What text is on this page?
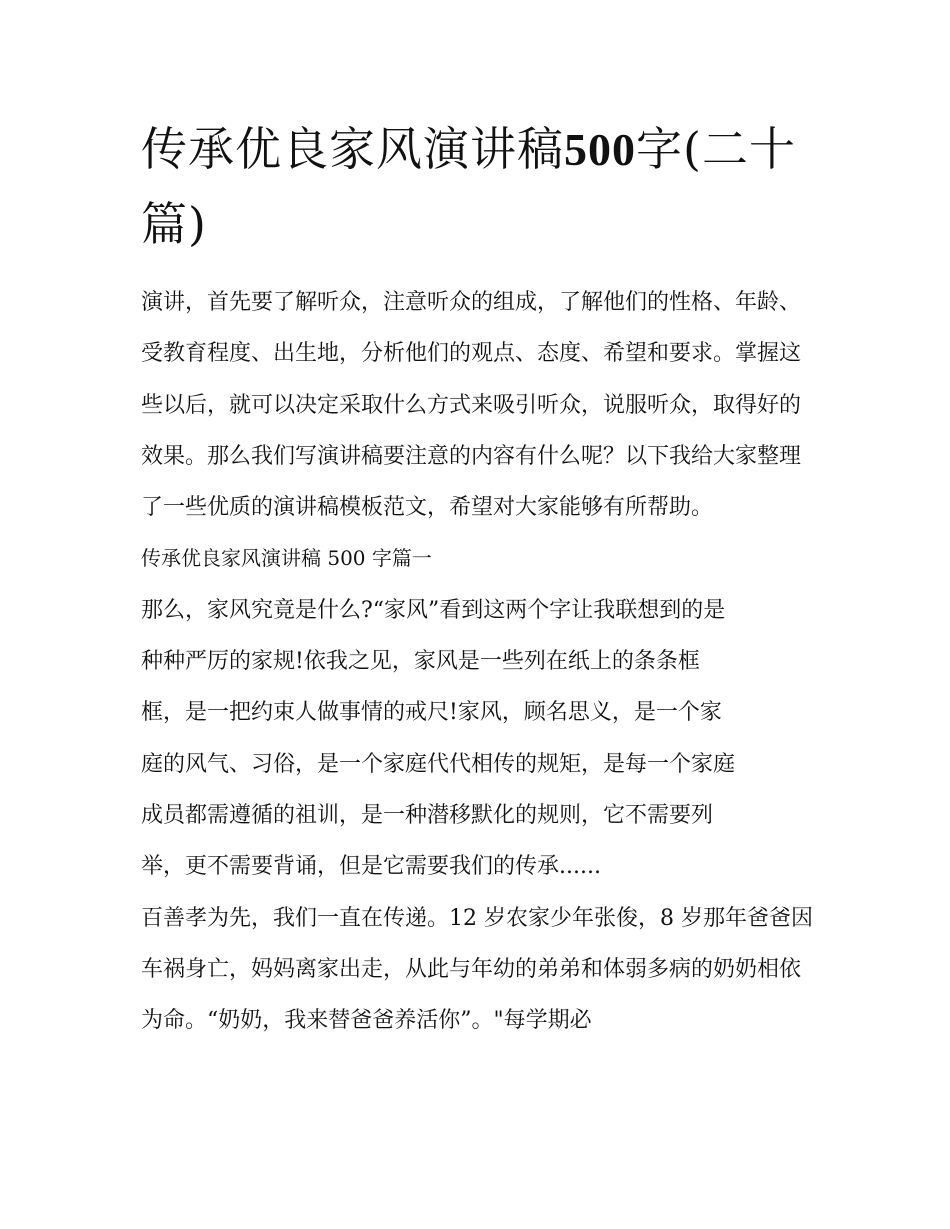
传承优良家风演讲稿500字(二十篇)

演讲，首先要了解听众，注意听众的组成，了解他们的性格、年龄、受教育程度、出生地，分析他们的观点、态度、希望和要求。掌握这些以后，就可以决定采取什么方式来吸引听众，说服听众，取得好的效果。那么我们写演讲稿要注意的内容有什么呢？以下我给大家整理了一些优质的演讲稿模板范文，希望对大家能够有所帮助。

传承优良家风演讲稿 500 字篇一

那么，家风究竟是什么?“家风”看到这两个字让我联想到的是
种种严厉的家规!依我之见，家风是一些列在纸上的条条框
框，是一把约束人做事情的戒尺!家风，顾名思义，是一个家
庭的风气、习俗，是一个家庭代代相传的规矩，是每一个家庭
成员都需遵循的祖训，是一种潜移默化的规则，它不需要列
举，更不需要背诵，但是它需要我们的传承......

百善孝为先，我们一直在传递。12 岁农家少年张俊，8 岁那年爸爸因车祸身亡，妈妈离家出走，从此与年幼的弟弟和体弱多病的奶奶相依为命。“奶奶，我来替爸爸养活你”。"每学期必
